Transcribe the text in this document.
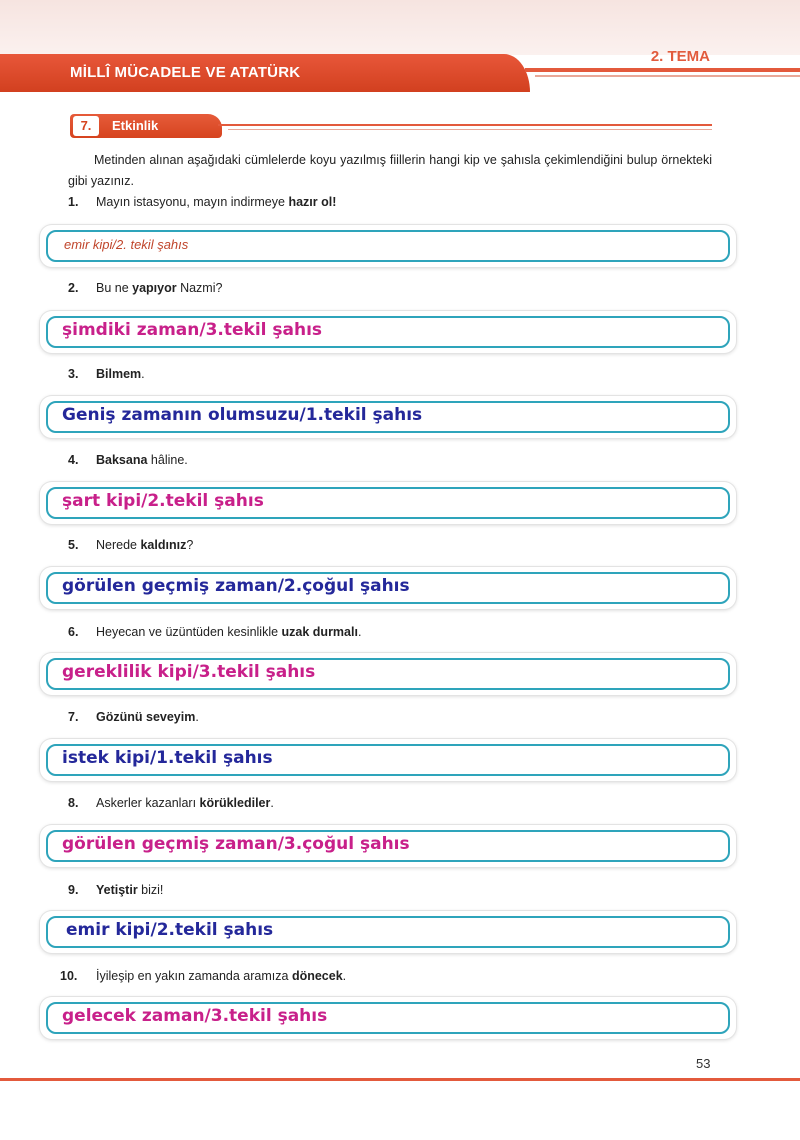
MİLLÎ MÜCADELE VE ATATÜRK
2. TEMA
7.	Etkinlik

Metinden alınan aşağıdaki cümlelerde koyu yazılmış fiillerin hangi kip ve şahısla çekimlendiğini bulup örnekteki gibi yazınız.

1. Mayın istasyonu, mayın indirmeye hazır ol!
emir kipi/2. tekil şahıs
2. Bu ne yapıyor Nazmi?
şimdiki zaman/3.tekil şahıs
3. Bilmem.
Geniş zamanın olumsuzu/1.tekil şahıs
4. Baksana hâline.
şart kipi/2.tekil şahıs
5. Nerede kaldınız?
görülen geçmiş zaman/2.çoğul şahıs
6. Heyecan ve üzüntüden kesinlikle uzak durmalı.
gereklilik kipi/3.tekil şahıs
7. Gözünü seveyim.
istek kipi/1.tekil şahıs
8. Askerler kazanları körüklediler.
görülen geçmiş zaman/3.çoğul şahıs
9. Yetiştir bizi!
emir kipi/2.tekil şahıs
10. İyileşip en yakın zamanda aramıza dönecek.
gelecek zaman/3.tekil şahıs
53
